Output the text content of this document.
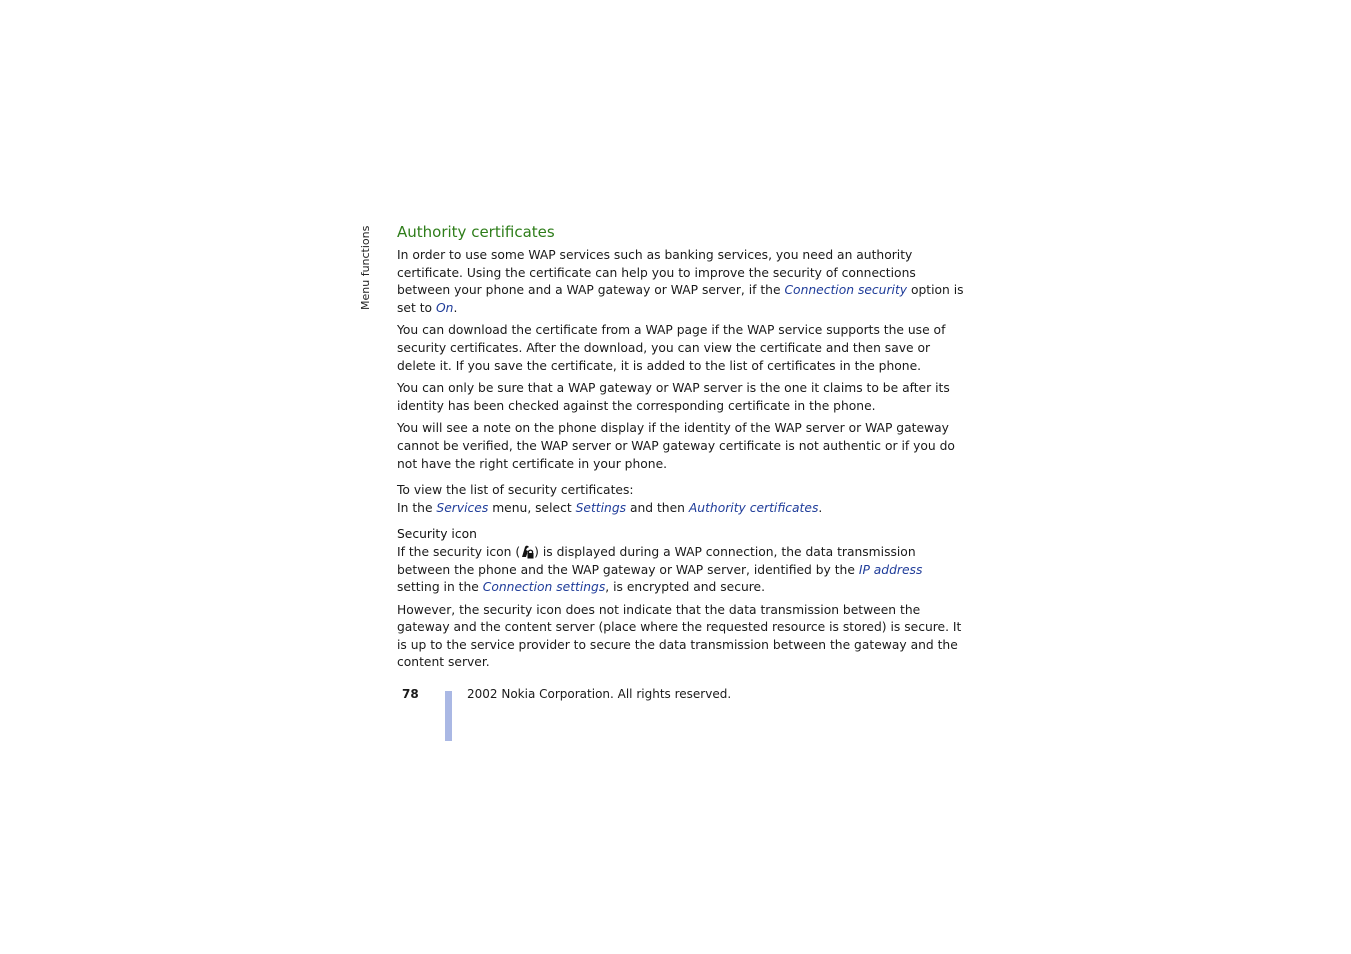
Menu functions Authority certificates

In order to use some WAP services such as banking services, you need an authority certificate. Using the certificate can help you to improve the security of connections between your phone and a WAP gateway or WAP server, if the Connection security option is set to On.

You can download the certificate from a WAP page if the WAP service supports the use of security certificates. After the download, you can view the certificate and then save or delete it. If you save the certificate, it is added to the list of certificates in the phone.

You can only be sure that a WAP gateway or WAP server is the one it claims to be after its identity has been checked against the corresponding certificate in the phone.

You will see a note on the phone display if the identity of the WAP server or WAP gateway cannot be verified, the WAP server or WAP gateway certificate is not authentic or if you do not have the right certificate in your phone.

To view the list of security certificates:

In the Services menu, select Settings and then Authority certificates.

Security icon

If the security icon ( ) is displayed during a WAP connection, the data transmission between the phone and the WAP gateway or WAP server, identified by the IP address setting in the Connection settings, is encrypted and secure.

However, the security icon does not indicate that the data transmission between the gateway and the content server (place where the requested resource is stored) is secure. It is up to the service provider to secure the data transmission between the gateway and the content server.

78	2002 Nokia Corporation. All rights reserved.
